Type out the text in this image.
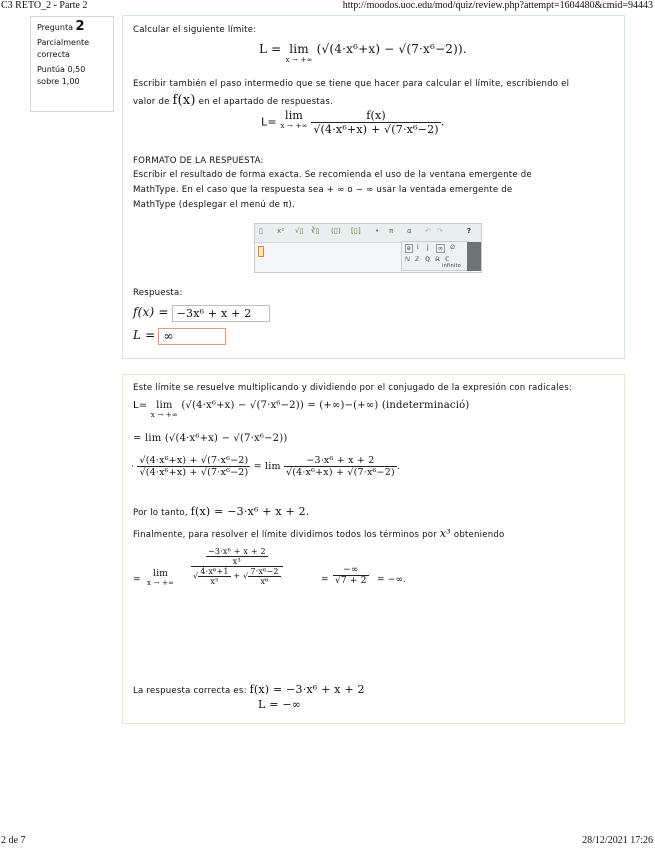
C3 RETO_2 - Parte 2	http://moodos.uoc.edu/mod/quiz/review.php?attempt=1604480&cmid=94443
Pregunta 2

Parcialmente correcta

Puntúa 0,50 sobre 1,00

Calcular el siguiente límite:
L = lim
x → +∞
(√(4·x⁶+x) − √(7·x⁶−2)).
Escribir también el paso intermedio que se tiene que hacer para calcular el límite, escribiendo el
valor de f(x) en el apartado de respuestas.
L= lim
x → +∞
$\frac{f(x)}{\text{√(4·x⁶+x) + √(7·x⁶−2)}}$ .
FORMATO DE LA RESPUESTA:
Escribir el resultado de forma exacta. Se recomienda el uso de la ventana emergente de
MathType. En el caso que la respuesta sea + ∞ o − ∞ usar la ventada emergente de
MathType (desplegar el menú de π).
▯ x² √▯ ∛▯ (▯) [▯] • π α ↶ ↷	?
e	i j	∞	∅
ℕ ℤ ℚ ℝ ℂ
infinito
Respuesta:
f(x) = −3x⁶ + x + 2
L = ∞
Este límite se resuelve multiplicando y dividiendo por el conjugado de la expresión con radicales:
L= lim
x → +∞
(√(4·x⁶+x) − √(7·x⁶−2)) = (+∞)−(+∞) (indeterminació)
= lim (√(4·x⁶+x) − √(7·x⁶−2))
· $\frac{\text{√(4·x⁶+x) + √(7·x⁶−2)}}{\text{√(4·x⁶+x) + √(7·x⁶−2)}} = \lim \frac{\text{−3·x⁶ + x + 2}}{\text{√(4·x⁶+x) + √(7·x⁶−2)}}$ .
Por lo tanto, f(x) = −3·x⁶ + x + 2.
Finalmente, para resolver el límite dividimos todos los términos por x³ obteniendo
=
lim
x → +∞
$\frac{\text{−3·x⁶ + x + 2}}{\text{x³}}$
√ $\frac{\text{4·x⁶+1}}{\text{x⁵}}$ + √ $\frac{\text{7·x⁶−2}}{\text{x⁶}}$	=
−∞
√7 + 2 = −∞.
La respuesta correcta es: f(x) = −3·x⁶ + x + 2
L = −∞
2 de 7	28/12/2021 17:26
